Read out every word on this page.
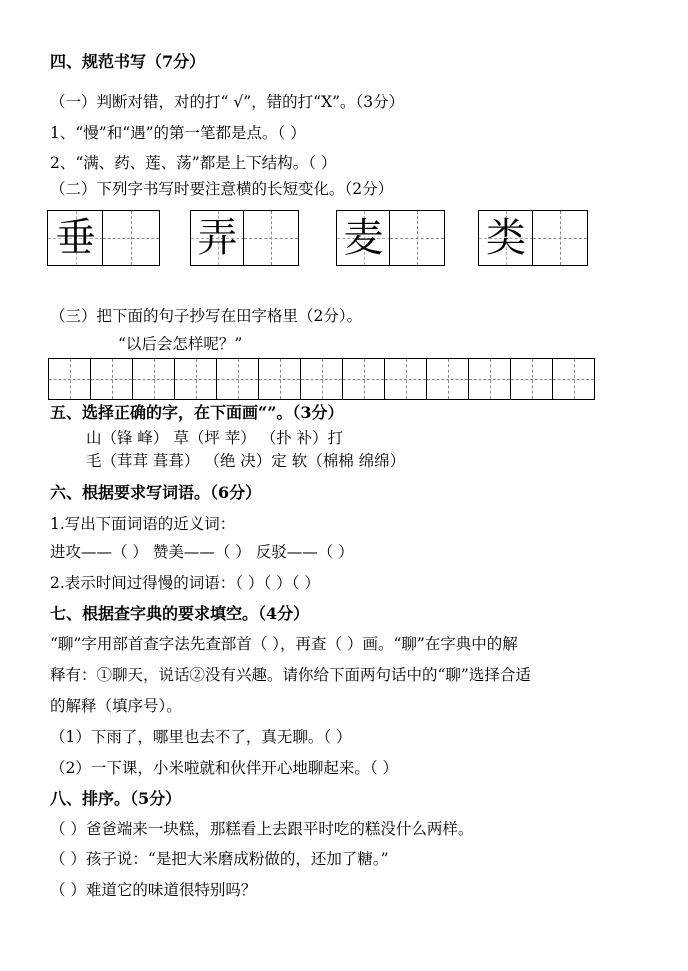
四、规范书写（7分）
（一）判断对错，对的打“ √”，错的打“X”。（3分）
1、“慢”和“遇”的第一笔都是点。（ ）
2、“满、药、莲、荡”都是上下结构。（ ）
（二）下列字书写时要注意横的长短变化。（2分）
垂	弄	麦	类
（三）把下面的句子抄写在田字格里（2分）。
“以后会怎样呢？”
五、选择正确的字，在下面画“”。（3分）
山（锋 峰） 草（坪 苹） （扑 补）打
毛（茸茸 葺葺） （绝 决）定 软（棉棉 绵绵）
六、根据要求写词语。（6分）
1.写出下面词语的近义词：
进攻——（ ） 赞美——（ ） 反驳——（ ）
2.表示时间过得慢的词语：（ ）（ ）（ ）
七、根据查字典的要求填空。（4分）
“聊”字用部首查字法先查部首（ ），再查（ ）画。“聊”在字典中的解
释有：①聊天，说话②没有兴趣。请你给下面两句话中的“聊”选择合适
的解释（填序号）。
（1）下雨了，哪里也去不了，真无聊。（ ）
（2）一下课，小米啦就和伙伴开心地聊起来。（ ）
八、排序。（5分）
（ ）爸爸端来一块糕，那糕看上去跟平时吃的糕没什么两样。
（ ）孩子说：“是把大米磨成粉做的，还加了糖。”
（ ）难道它的味道很特别吗？
